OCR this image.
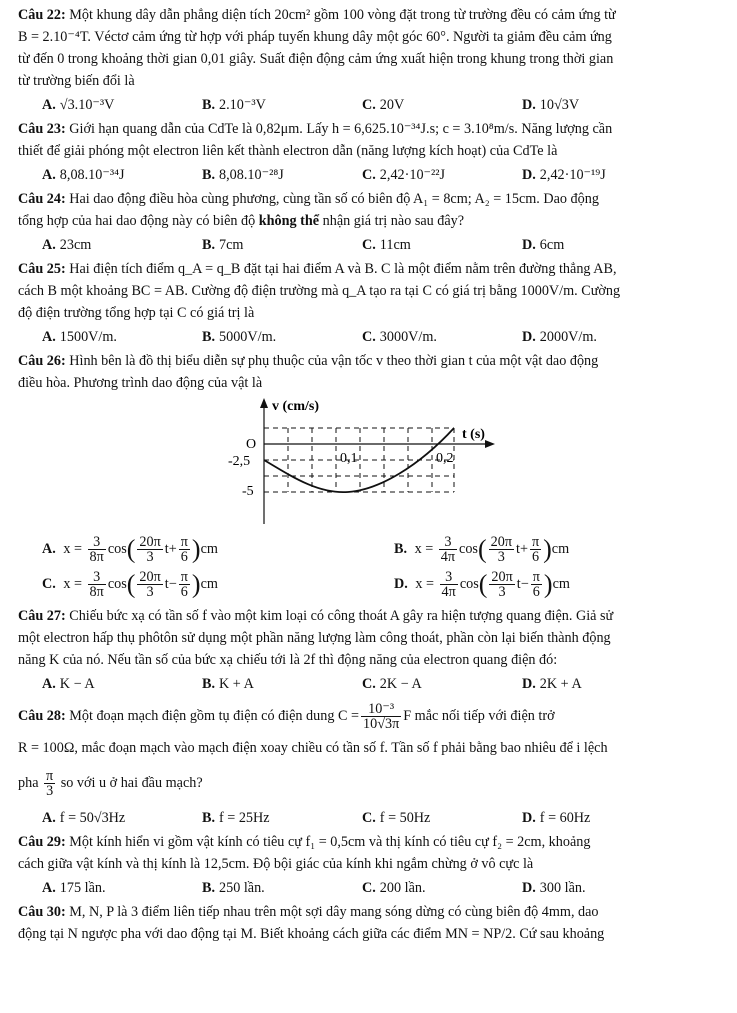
Câu 22: Một khung dây dẫn phẳng diện tích 20cm² gồm 100 vòng đặt trong từ trường đều có cảm ứng từ

B = 2.10⁻⁴T. Véctơ cảm ứng từ hợp với pháp tuyến khung dây một góc 60°. Người ta giảm đều cảm ứng

từ đến 0 trong khoảng thời gian 0,01 giây. Suất điện động cảm ứng xuất hiện trong khung trong thời gian

từ trường biến đổi là

A. √3.10⁻³V	B. 2.10⁻³V	C. 20V	D. 10√3V

Câu 23: Giới hạn quang dẫn của CdTe là 0,82μm. Lấy h = 6,625.10⁻³⁴J.s; c = 3.10⁸m/s. Năng lượng cần

thiết để giải phóng một electron liên kết thành electron dẫn (năng lượng kích hoạt) của CdTe là

A. 8,08.10⁻³⁴J	B. 8,08.10⁻²⁸J	C. 2,42·10⁻²²J	D. 2,42·10⁻¹⁹J

Câu 24: Hai dao động điều hòa cùng phương, cùng tần số có biên độ A₁ = 8cm; A₂ = 15cm. Dao động

tổng hợp của hai dao động này có biên độ không thể nhận giá trị nào sau đây?

A. 23cm	B. 7cm	C. 11cm	D. 6cm

Câu 25: Hai điện tích điểm q_A = q_B đặt tại hai điểm A và B. C là một điểm nằm trên đường thẳng AB,

cách B một khoảng BC = AB. Cường độ điện trường mà q_A tạo ra tại C có giá trị bằng 1000V/m. Cường

độ điện trường tổng hợp tại C có giá trị là

A. 1500V/m.	B. 5000V/m.	C. 3000V/m.	D. 2000V/m.

Câu 26: Hình bên là đồ thị biểu diễn sự phụ thuộc của vận tốc v theo thời gian t của một vật dao động

điều hòa. Phương trình dao động của vật là

v (cm/s)
t (s)
O
-2,5
-5
0,1	0,2
A. $x = \frac{3}{8\pi} \cos( \frac{20\pi}{3} t+ \frac{\pi}{6} )cm$	B. $x = \frac{3}{4\pi} \cos( \frac{20\pi}{3} t+ \frac{\pi}{6} )cm$
C. $x = \frac{3}{8\pi} \cos( \frac{20\pi}{3} t- \frac{\pi}{6} )cm$	D. $x = \frac{3}{4\pi} \cos( \frac{20\pi}{3} t- \frac{\pi}{6} )cm$

Câu 27: Chiếu bức xạ có tần số f vào một kim loại có công thoát A gây ra hiện tượng quang điện. Giả sử

một electron hấp thụ phôtôn sử dụng một phần năng lượng làm công thoát, phần còn lại biến thành động

năng K của nó. Nếu tần số của bức xạ chiếu tới là 2f thì động năng của electron quang điện đó:

A. K − A	B. K + A	C. 2K − A	D. 2K + A

Câu 28: Một đoạn mạch điện gồm tụ điện có điện dung $C = \frac{\text{10⁻³}}{10√3\pi}$ F mắc nối tiếp với điện trở

R = 100Ω, mắc đoạn mạch vào mạch điện xoay chiều có tần số f. Tần số f phải bằng bao nhiêu để i lệch

pha $\frac{\pi}{3}$ so với u ở hai đầu mạch?

A. f = 50√3Hz	B. f = 25Hz	C. f = 50Hz	D. f = 60Hz

Câu 29: Một kính hiển vi gồm vật kính có tiêu cự f₁ = 0,5cm và thị kính có tiêu cự f₂ = 2cm, khoảng

cách giữa vật kính và thị kính là 12,5cm. Độ bội giác của kính khi ngắm chừng ở vô cực là

A. 175 lần.	B. 250 lần.	C. 200 lần.	D. 300 lần.

Câu 30: M, N, P là 3 điểm liên tiếp nhau trên một sợi dây mang sóng dừng có cùng biên độ 4mm, dao

động tại N ngược pha với dao động tại M. Biết khoảng cách giữa các điểm MN = NP/2. Cứ sau khoảng
